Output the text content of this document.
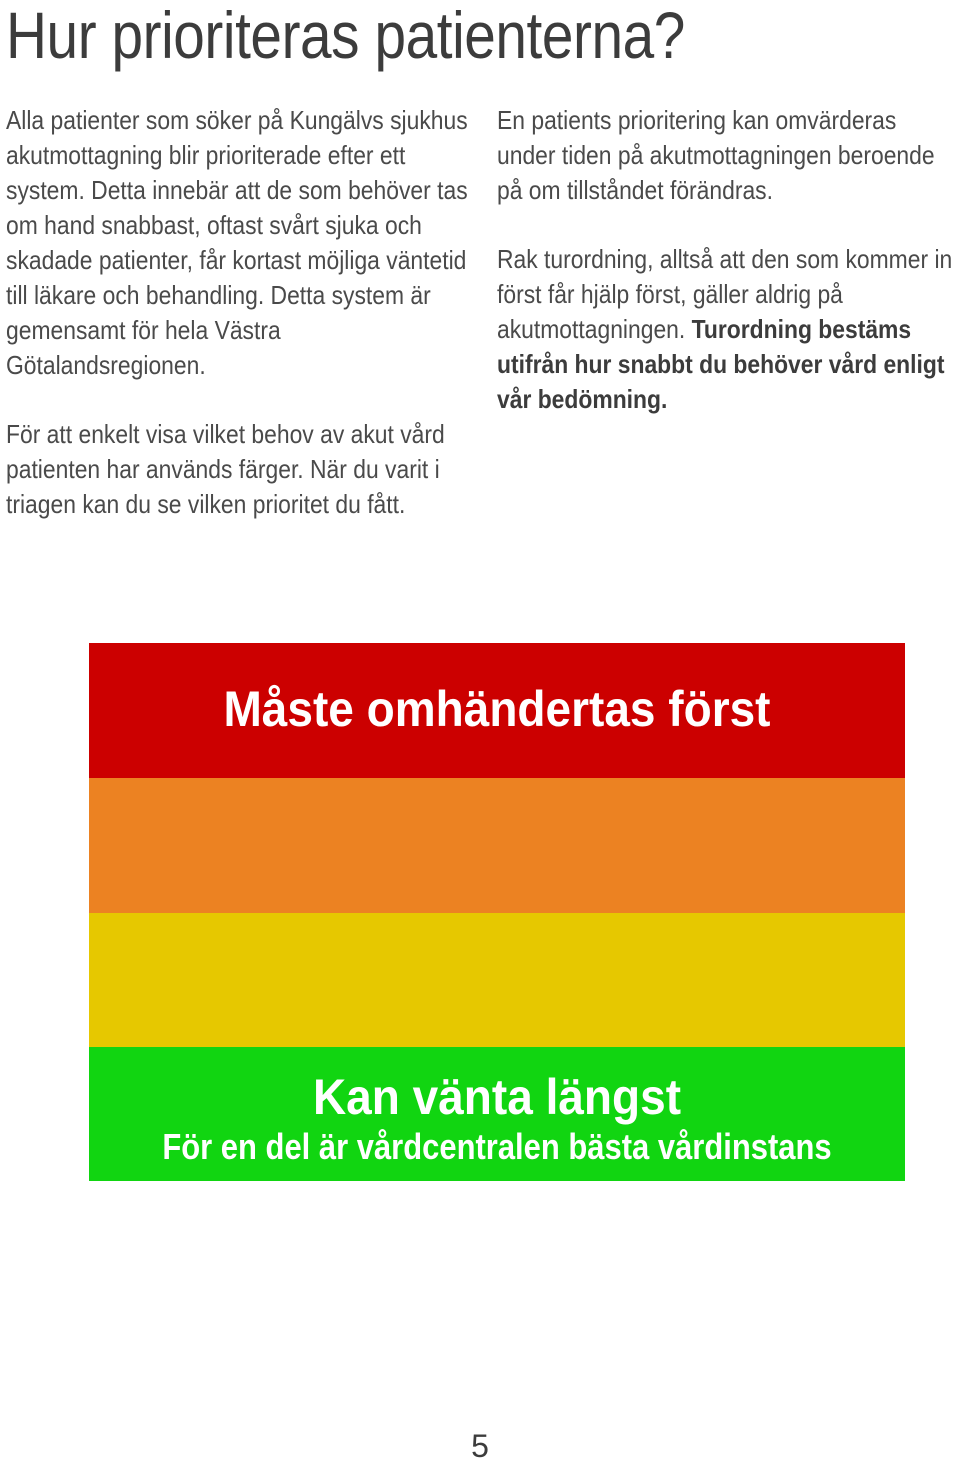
Hur prioriteras patienterna?

Alla patienter som söker på Kungälvs sjukhus akutmottagning blir prioriterade efter ett system. Detta innebär att de som behöver tas om hand snabbast, oftast svårt sjuka och skadade patienter, får kortast möjliga väntetid till läkare och behandling. Detta system är gemensamt för hela Västra Götalandsregionen.

För att enkelt visa vilket behov av akut vård patienten har används färger. När du varit i triagen kan du se vilken prioritet du fått.

En patients prioritering kan omvärderas under tiden på akutmottagningen beroende på om tillståndet förändras.

Rak turordning, alltså att den som kommer in först får hjälp först, gäller aldrig på akutmottagningen. Turordning bestäms utifrån hur snabbt du behöver vård enligt vår bedömning.

Måste omhändertas först
Kan vänta längst
För en del är vårdcentralen bästa vårdinstans
5
